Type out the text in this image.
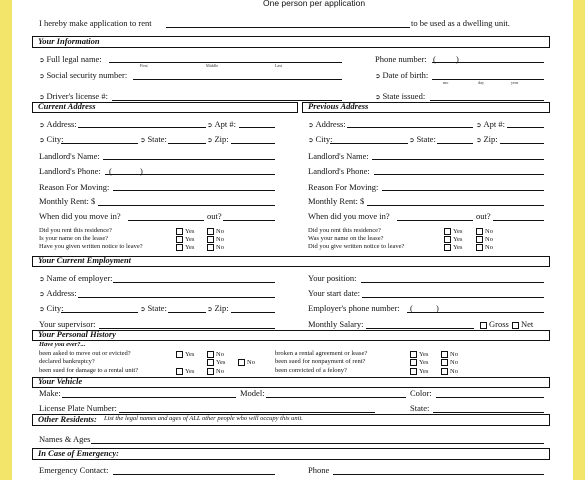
One person per application
I hereby make application to rent	to be used as a dwelling unit.
Your Information
➲ Full legal name:
First	Middle	Last
Phone number: ( )
➲ Social security number:	➲ Date of birth:
mo	day	year
➲ Driver's license #:	➲ State issued:
Current Address	Previous Address
➲ Address:	➲ Apt #:
➲ City:	➲ State:	➲ Zip:
Landlord's Name:
Landlord's Phone: (	)
Reason For Moving:
Monthly Rent: $
When did you move in?	out?
Did you rent this residence?	Yes	No
Is your name on the lease?	Yes	No
Have you given written notice to leave?	Yes	No
➲ Address:	➲ Apt #:
➲ City:	➲ State:	➲ Zip:
Landlord's Name:
Landlord's Phone:
Reason For Moving:
Monthly Rent: $
When did you move in?	out?
Did you rent this residence?	Yes	No
Was your name on the lease?	Yes	No
Did you give written notice to leave?	Yes	No
Your Current Employment
➲ Name of employer:	Your position:
➲ Address:	Your start date:
➲ City:	➲ State:	➲ Zip:	Employer's phone number: (	)
Your supervisor:	Monthly Salary:	Gross	Net
Your Personal History
Have you ever?...
been asked to move out or evicted?	Yes	No
declared bankruptcy?	Yes	No
been sued for damage to a rental unit?	Yes	No
broken a rental agreement or lease?	Yes	No
been sued for nonpayment of rent?	Yes	No
been convicted of a felony?	Yes	No
Your Vehicle
Make:	Model:	Color:
License Plate Number:	State:
Other Residents: List the legal names and ages of ALL other people who will occupy this unit.
Names & Ages
In Case of Emergency:
Emergency Contact:	Phone
